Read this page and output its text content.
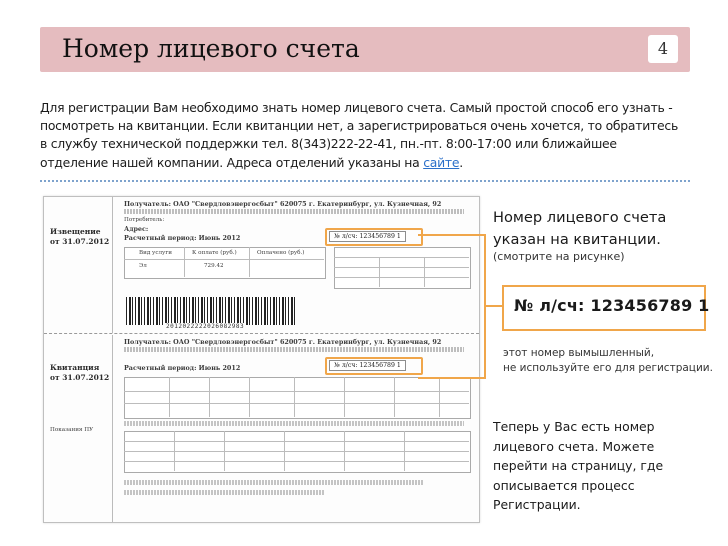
Номер лицевого счета	4
Для регистрации Вам необходимо знать номер лицевого счета. Самый простой способ его узнать -
посмотреть на квитанции. Если квитанции нет, а зарегистрироваться очень хочется, то обратитесь
в службу технической поддержки тел. 8(343)222-22-41, пн.-пт. 8:00-17:00 или ближайшее
отделение нашей компании. Адреса отделений указаны на сайте.
Извещение
от 31.07.2012
Получатель: ОАО "Свердловэнергосбыт" 620075 г. Екатеринбург, ул. Кузнечная, 92
Потребитель:
Адрес:
Расчетный период: Июнь 2012	№ л/сч: 123456789 1
Вид услуги	К оплате (руб.)	Оплачено (руб.)
Эл	729.42
2012022222026082983
Квитанция
от 31.07.2012
Показания ПУ
Получатель: ОАО "Свердловэнергосбыт" 620075 г. Екатеринбург, ул. Кузнечная, 92
Расчетный период: Июнь 2012	№ л/сч: 123456789 1
Номер лицевого счета
указан на квитанции.
(смотрите на рисунке)
№ л/сч: 123456789 1
этот номер вымышленный,
не используйте его для регистрации.
Теперь у Вас есть номер
лицевого счета. Можете
перейти на страницу, где
описывается процесс
Регистрации.
